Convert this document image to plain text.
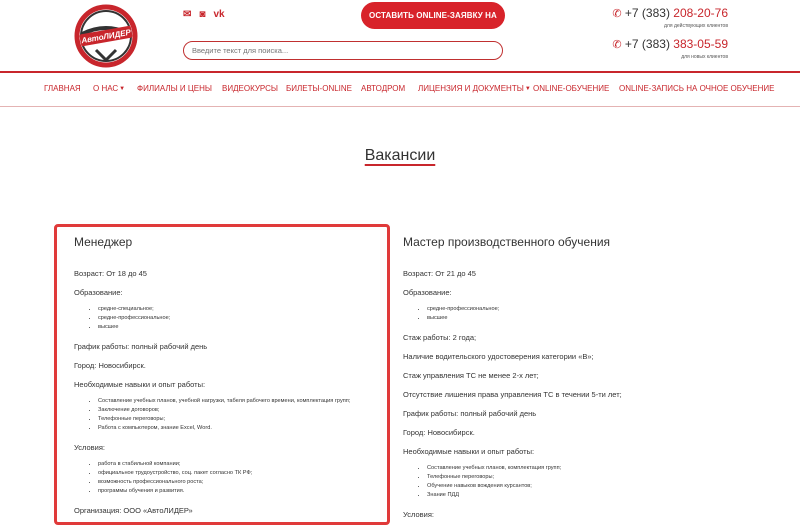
АвтоЛИДЕР
✉ ◙ vk	ОСТАВИТЬ ONLINE-ЗАЯВКУ НА
Введите текст для поиска...	✆ +7 (383) 208-20-76
для действующих клиентов
✆ +7 (383) 383-05-59
для новых клиентов
ГЛАВНАЯ О НАС▼ ФИЛИАЛЫ И ЦЕНЫ ВИДЕОКУРСЫ БИЛЕТЫ-ONLINE АВТОДРОМ ЛИЦЕНЗИЯ И ДОКУМЕНТЫ▼ ONLINE-ОБУЧЕНИЕ ONLINE-ЗАПИСЬ НА ОЧНОЕ ОБУЧЕНИЕ
Вакансии
Менеджер

Возраст: От 18 до 45

Образование:

• средне-специальное;
• средне-профессиональное;
• высшее

График работы: полный рабочий день

Город: Новосибирск.

Необходимые навыки и опыт работы:

• Составление учебных планов, учебной нагрузки, табеля рабочего времени, комплектация групп;
• Заключение договоров;
• Телефонные переговоры;
• Работа с компьютером, знание Excel, Word.

Условия:

• работа в стабильной компании;
• официальное трудоустройство, соц. пакет согласно ТК РФ;
• возможность профессионального роста;
• программы обучения и развития.

Организация: ООО «АвтоЛИДЕР»

Мастер производственного обучения

Возраст: От 21 до 45

Образование:

• средне-профессиональное;
• высшее

Стаж работы: 2 года;

Наличие водительского удостоверения категории «В»;

Стаж управления ТС не менее 2-х лет;

Отсутствие лишения права управления ТС в течении 5-ти лет;

График работы: полный рабочий день

Город: Новосибирск.

Необходимые навыки и опыт работы:

• Составление учебных планов, комплектация групп;
• Телефонные переговоры;
• Обучение навыков вождения курсантов;
• Знание ПДД

Условия:
